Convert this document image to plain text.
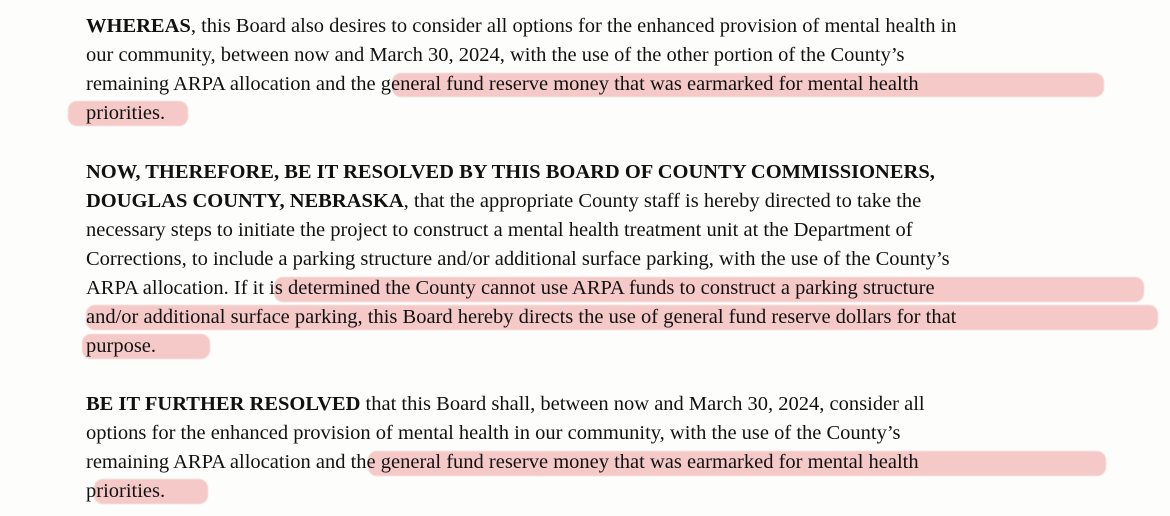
WHEREAS, this Board also desires to consider all options for the enhanced provision of mental health in
our community, between now and March 30, 2024, with the use of the other portion of the County’s
remaining ARPA allocation and the general fund reserve money that was earmarked for mental health
priorities.
NOW, THEREFORE, BE IT RESOLVED BY THIS BOARD OF COUNTY COMMISSIONERS,
DOUGLAS COUNTY, NEBRASKA, that the appropriate County staff is hereby directed to take the
necessary steps to initiate the project to construct a mental health treatment unit at the Department of
Corrections, to include a parking structure and/or additional surface parking, with the use of the County’s
ARPA allocation. If it is determined the County cannot use ARPA funds to construct a parking structure
and/or additional surface parking, this Board hereby directs the use of general fund reserve dollars for that
purpose.
BE IT FURTHER RESOLVED that this Board shall, between now and March 30, 2024, consider all
options for the enhanced provision of mental health in our community, with the use of the County’s
remaining ARPA allocation and the general fund reserve money that was earmarked for mental health
priorities.
